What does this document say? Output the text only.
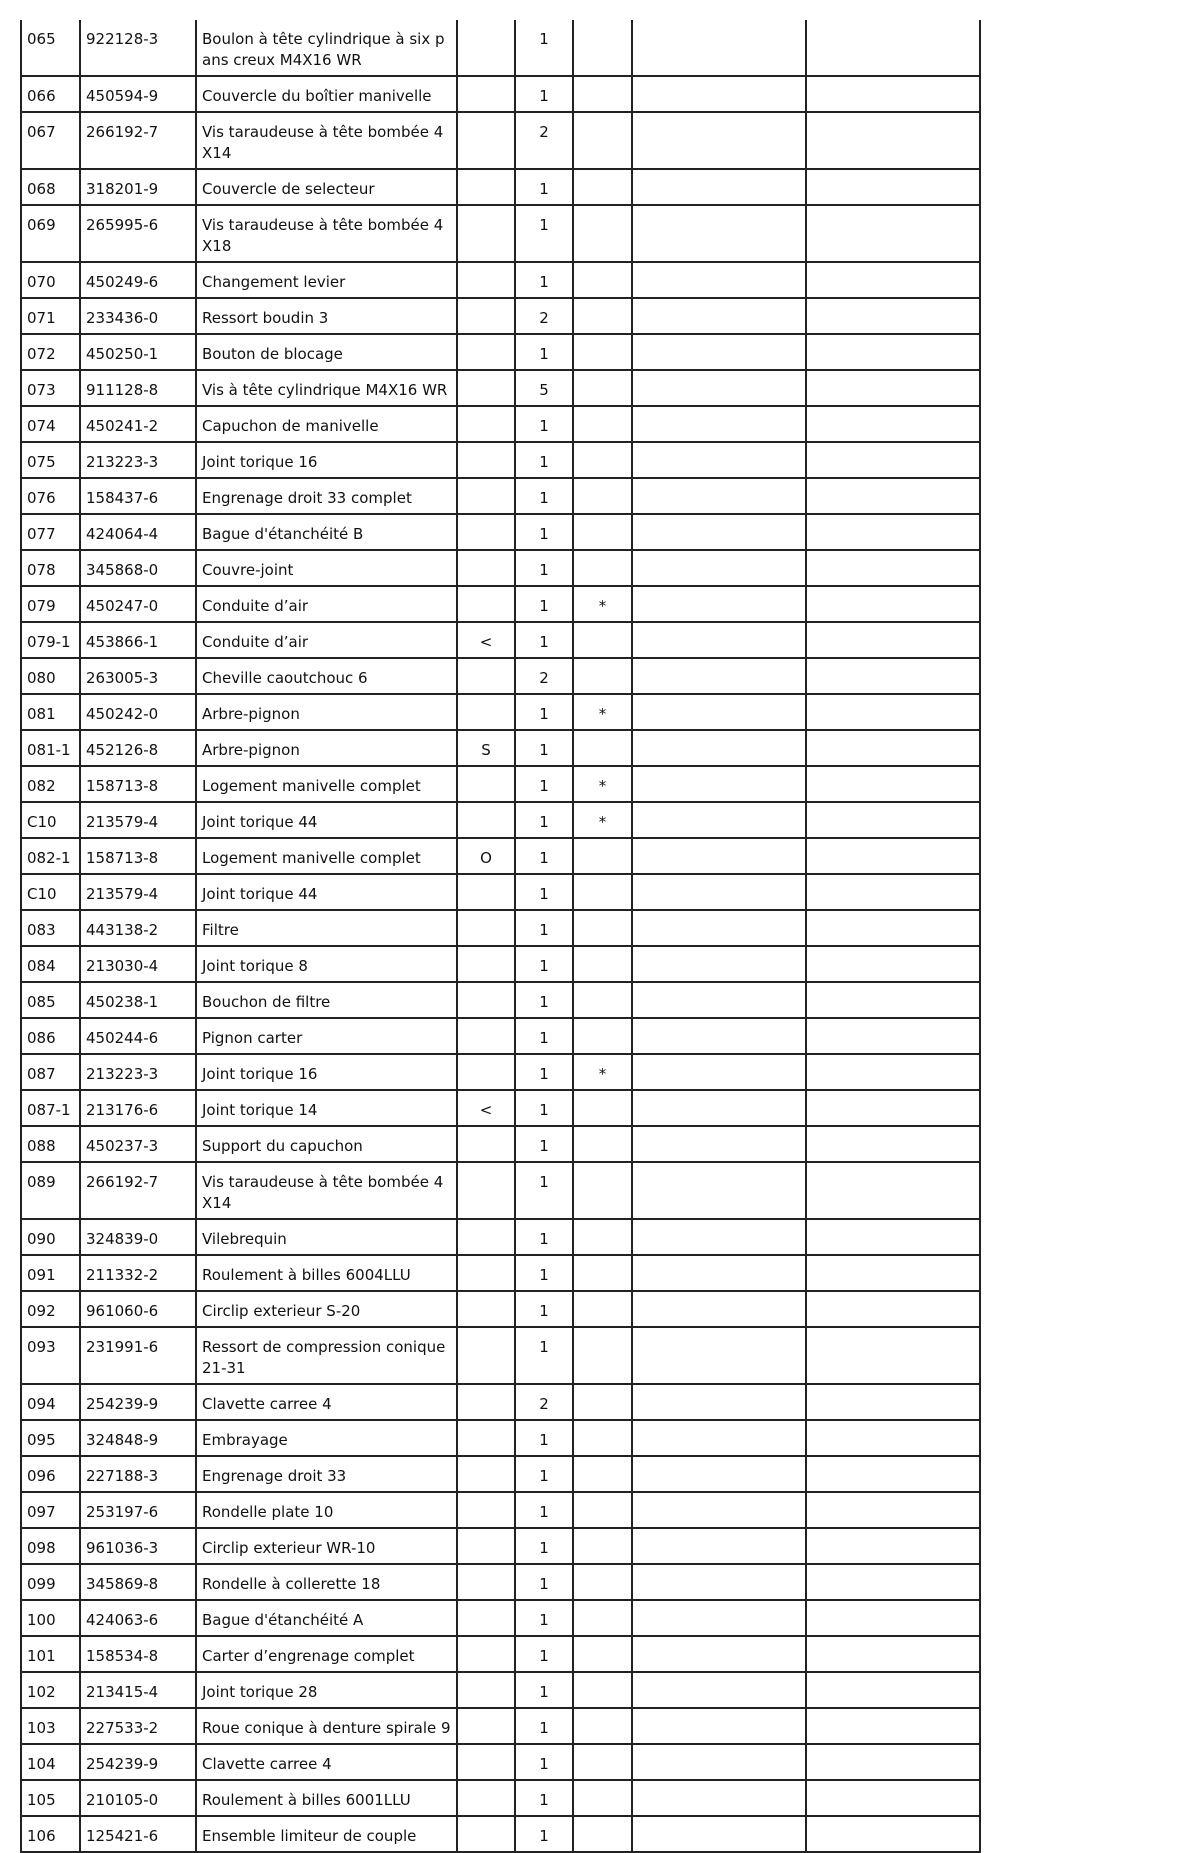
065	922128-3	Boulon à tête cylindrique à six pans creux M4X16 WR		1			
066	450594-9	Couvercle du boîtier manivelle		1			
067	266192-7	Vis taraudeuse à tête bombée 4X14		2			
068	318201-9	Couvercle de selecteur		1			
069	265995-6	Vis taraudeuse à tête bombée 4X18		1			
070	450249-6	Changement levier		1			
071	233436-0	Ressort boudin 3		2			
072	450250-1	Bouton de blocage		1			
073	911128-8	Vis à tête cylindrique M4X16 WR		5			
074	450241-2	Capuchon de manivelle		1			
075	213223-3	Joint torique 16		1			
076	158437-6	Engrenage droit 33 complet		1			
077	424064-4	Bague d'étanchéité B		1			
078	345868-0	Couvre-joint		1			
079	450247-0	Conduite d’air		1	*		
079-1	453866-1	Conduite d’air	<	1			
080	263005-3	Cheville caoutchouc 6		2			
081	450242-0	Arbre-pignon		1	*		
081-1	452126-8	Arbre-pignon	S	1			
082	158713-8	Logement manivelle complet		1	*		
C10	213579-4	Joint torique 44		1	*		
082-1	158713-8	Logement manivelle complet	O	1			
C10	213579-4	Joint torique 44		1			
083	443138-2	Filtre		1			
084	213030-4	Joint torique 8		1			
085	450238-1	Bouchon de filtre		1			
086	450244-6	Pignon carter		1			
087	213223-3	Joint torique 16		1	*		
087-1	213176-6	Joint torique 14	<	1			
088	450237-3	Support du capuchon		1			
089	266192-7	Vis taraudeuse à tête bombée 4X14		1			
090	324839-0	Vilebrequin		1			
091	211332-2	Roulement à billes 6004LLU		1			
092	961060-6	Circlip exterieur S-20		1			
093	231991-6	Ressort de compression conique 21-31		1			
094	254239-9	Clavette carree 4		2			
095	324848-9	Embrayage		1			
096	227188-3	Engrenage droit 33		1			
097	253197-6	Rondelle plate 10		1			
098	961036-3	Circlip exterieur WR-10		1			
099	345869-8	Rondelle à collerette 18		1			
100	424063-6	Bague d'étanchéité A		1			
101	158534-8	Carter d’engrenage complet		1			
102	213415-4	Joint torique 28		1			
103	227533-2	Roue conique à denture spirale 9		1			
104	254239-9	Clavette carree 4		1			
105	210105-0	Roulement à billes 6001LLU		1			
106	125421-6	Ensemble limiteur de couple		1			
